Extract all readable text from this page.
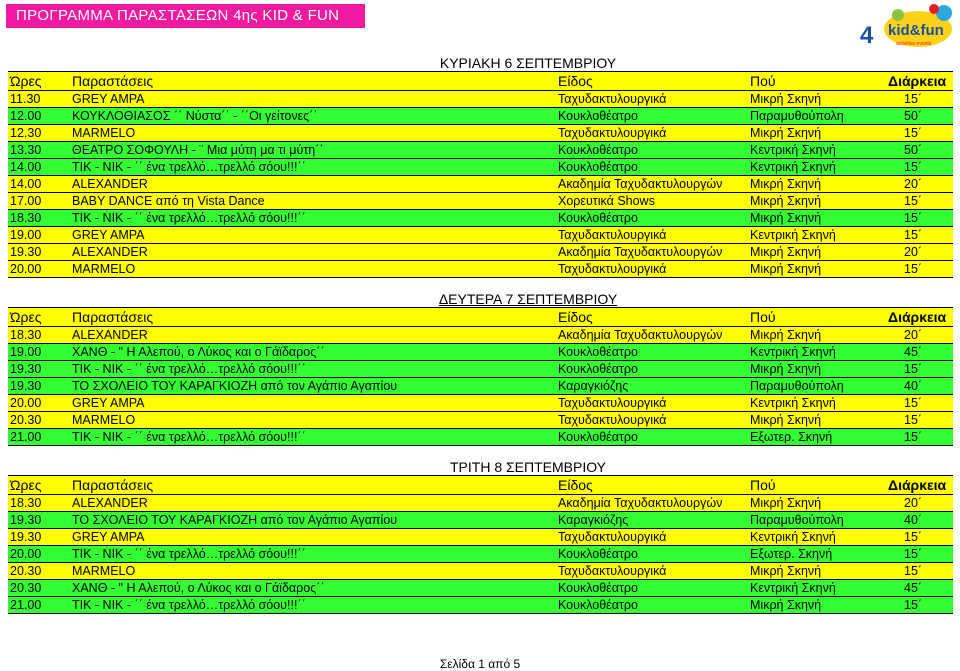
ΠΡΟΓΡΑΜΜΑ ΠΑΡΑΣΤΑΣΕΩΝ 4ης KID & FUN
4 kid&fun
activities events
ΚΥΡΙΑΚΗ 6 ΣΕΠΤΕΜΒΡΙΟΥ
Ώρες	Παραστάσεις	Είδος	Πού	Διάρκεια
11.30	GREY AMPA	Ταχυδακτυλουργικά	Μικρή Σκηνή	15΄
12.00	ΚΟΥΚΛΟΘΙΑΣΟΣ ΄΄ Νύστα΄΄ - ΄΄Οι γείτονες΄΄	Κουκλοθέατρο	Παραμυθούπολη	50΄
12.30	MARMELO	Ταχυδακτυλουργικά	Μικρή Σκηνή	15΄
13.30	ΘΕΑΤΡΟ ΣΟΦΟΥΛΗ - ¨ Μια μύτη μα τι μύτη΄΄	Κουκλοθέατρο	Κεντρική Σκηνή	50΄
14.00	TIK - NIK - ΄΄ ένα τρελλό…τρελλό σόου!!!΄΄	Κουκλοθέατρο	Κεντρική Σκηνή	15΄
14.00	ALEXANDER	Ακαδημία Ταχυδακτυλουργών	Μικρή Σκηνή	20΄
17.00	BABY DANCE από τη Vista Dance	Χορευτικά Shows	Μικρή Σκηνή	15΄
18.30	TIK - NIK - ΄΄ ένα τρελλό…τρελλό σόου!!!΄΄	Κουκλοθέατρο	Μικρή Σκηνή	15΄
19.00	GREY AMPA	Ταχυδακτυλουργικά	Κεντρική Σκηνή	15΄
19.30	ALEXANDER	Ακαδημία Ταχυδακτυλουργών	Μικρή Σκηνή	20΄
20.00	MARMELO	Ταχυδακτυλουργικά	Μικρή Σκηνή	15΄
ΔΕΥΤΕΡΑ 7 ΣΕΠΤΕΜΒΡΙΟΥ
Ώρες	Παραστάσεις	Είδος	Πού	Διάρκεια
18.30	ALEXANDER	Ακαδημία Ταχυδακτυλουργών	Μικρή Σκηνή	20΄
19.00	ΧΑΝΘ - " Η Αλεπού, ο Λύκος και ο Γάϊδαρος΄΄	Κουκλοθέατρο	Κεντρική Σκηνή	45΄
19.30	TIK - NIK - ΄΄ ένα τρελλό…τρελλό σόου!!!΄΄	Κουκλοθέατρο	Μικρή Σκηνή	15΄
19.30	ΤΟ ΣΧΟΛΕΙΟ ΤΟΥ ΚΑΡΑΓΚΙΟΖΗ από τον Αγάπιο Αγαπίου	Καραγκιόζης	Παραμυθούπολη	40΄
20.00	GREY AMPA	Ταχυδακτυλουργικά	Κεντρική Σκηνή	15΄
20.30	MARMELO	Ταχυδακτυλουργικά	Μικρή Σκηνή	15΄
21.00	TIK - NIK - ΄΄ ένα τρελλό…τρελλό σόου!!!΄΄	Κουκλοθέατρο	Εξωτερ. Σκηνή	15΄
ΤΡΙΤΗ 8 ΣΕΠΤΕΜΒΡΙΟΥ
Ώρες	Παραστάσεις	Είδος	Πού	Διάρκεια
18.30	ALEXANDER	Ακαδημία Ταχυδακτυλουργών	Μικρή Σκηνή	20΄
19.30	ΤΟ ΣΧΟΛΕΙΟ ΤΟΥ ΚΑΡΑΓΚΙΟΖΗ από τον Αγάπιο Αγαπίου	Καραγκιόζης	Παραμυθούπολη	40΄
19.30	GREY AMPA	Ταχυδακτυλουργικά	Κεντρική Σκηνή	15΄
20.00	TIK - NIK - ΄΄ ένα τρελλό…τρελλό σόου!!!΄΄	Κουκλοθέατρο	Εξωτερ. Σκηνή	15΄
20.30	MARMELO	Ταχυδακτυλουργικά	Μικρή Σκηνή	15΄
20.30	ΧΑΝΘ - " Η Αλεπού, ο Λύκος και ο Γάϊδαρος΄΄	Κουκλοθέατρο	Κεντρική Σκηνή	45΄
21.00	TIK - NIK - ΄΄ ένα τρελλό…τρελλό σόου!!!΄΄	Κουκλοθέατρο	Μικρή Σκηνή	15΄
Σελίδα 1 από 5
